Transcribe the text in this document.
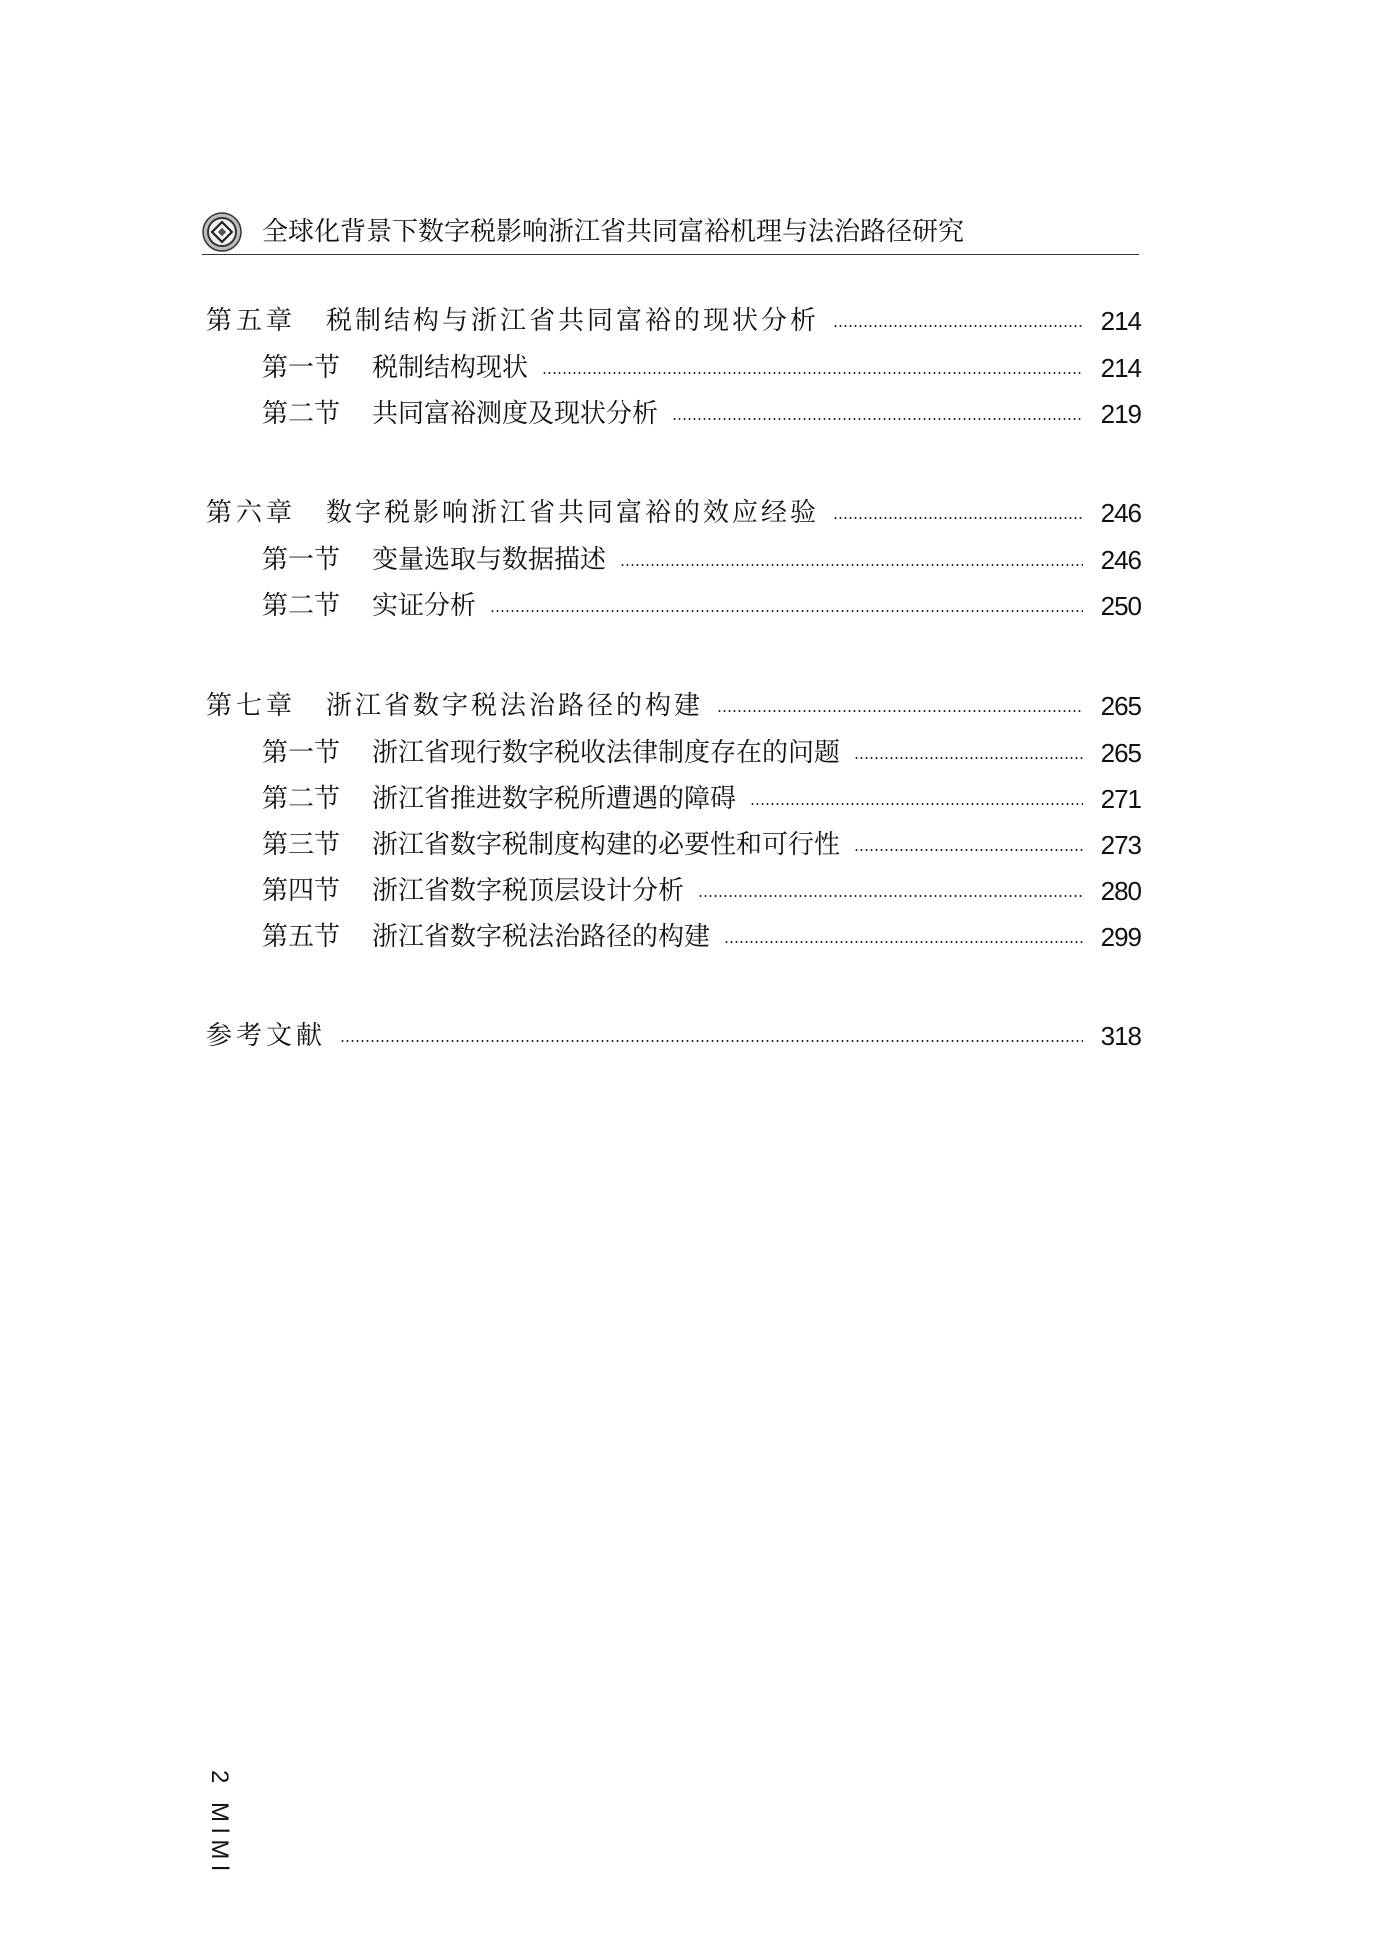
全球化背景下数字税影响浙江省共同富裕机理与法治路径研究
第五章 税制结构与浙江省共同富裕的现状分析	214
第一节 税制结构现状	214
第二节 共同富裕测度及现状分析	219
第六章 数字税影响浙江省共同富裕的效应经验	246
第一节 变量选取与数据描述	246
第二节 实证分析	250
第七章 浙江省数字税法治路径的构建	265
第一节 浙江省现行数字税收法律制度存在的问题	265
第二节 浙江省推进数字税所遭遇的障碍	271
第三节 浙江省数字税制度构建的必要性和可行性	273
第四节 浙江省数字税顶层设计分析	280
第五节 浙江省数字税法治路径的构建	299
参考文献	318
2 MlMl
